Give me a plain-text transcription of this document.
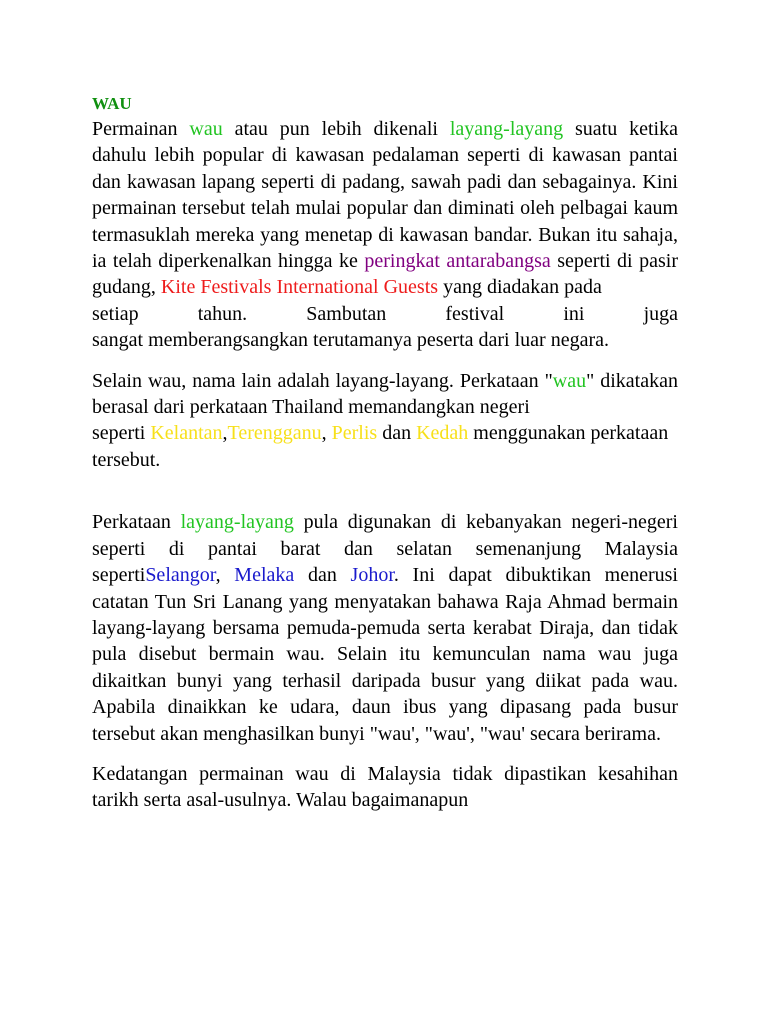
WAU
Permainan wau atau pun lebih dikenali layang-layang suatu ketika dahulu lebih popular di kawasan pedalaman seperti di kawasan pantai dan kawasan lapang seperti di padang, sawah padi dan sebagainya. Kini permainan tersebut telah mulai popular dan diminati oleh pelbagai kaum termasuklah mereka yang menetap di kawasan bandar. Bukan itu sahaja, ia telah diperkenalkan hingga ke peringkat antarabangsa seperti di pasir gudang, Kite Festivals International Guests yang diadakan pada
setiap	tahun.	Sambutan	festival	ini	juga
sangat memberangsangkan terutamanya peserta dari luar negara.
Selain wau, nama lain adalah layang-layang. Perkataan "wau" dikatakan berasal dari perkataan Thailand memandangkan negeri
seperti Kelantan,Terengganu, Perlis dan Kedah menggunakan perkataan tersebut.
Perkataan layang-layang pula digunakan di kebanyakan negeri-negeri seperti di pantai barat dan selatan semenanjung Malaysia sepertiSelangor, Melaka dan Johor. Ini dapat dibuktikan menerusi catatan Tun Sri Lanang yang menyatakan bahawa Raja Ahmad bermain layang-layang bersama pemuda-pemuda serta kerabat Diraja, dan tidak pula disebut bermain wau. Selain itu kemunculan nama wau juga dikaitkan bunyi yang terhasil daripada busur yang diikat pada wau. Apabila dinaikkan ke udara, daun ibus yang dipasang pada busur tersebut akan menghasilkan bunyi "wau', "wau', "wau' secara berirama.
Kedatangan permainan wau di Malaysia tidak dipastikan kesahihan tarikh serta asal-usulnya. Walau bagaimanapun
